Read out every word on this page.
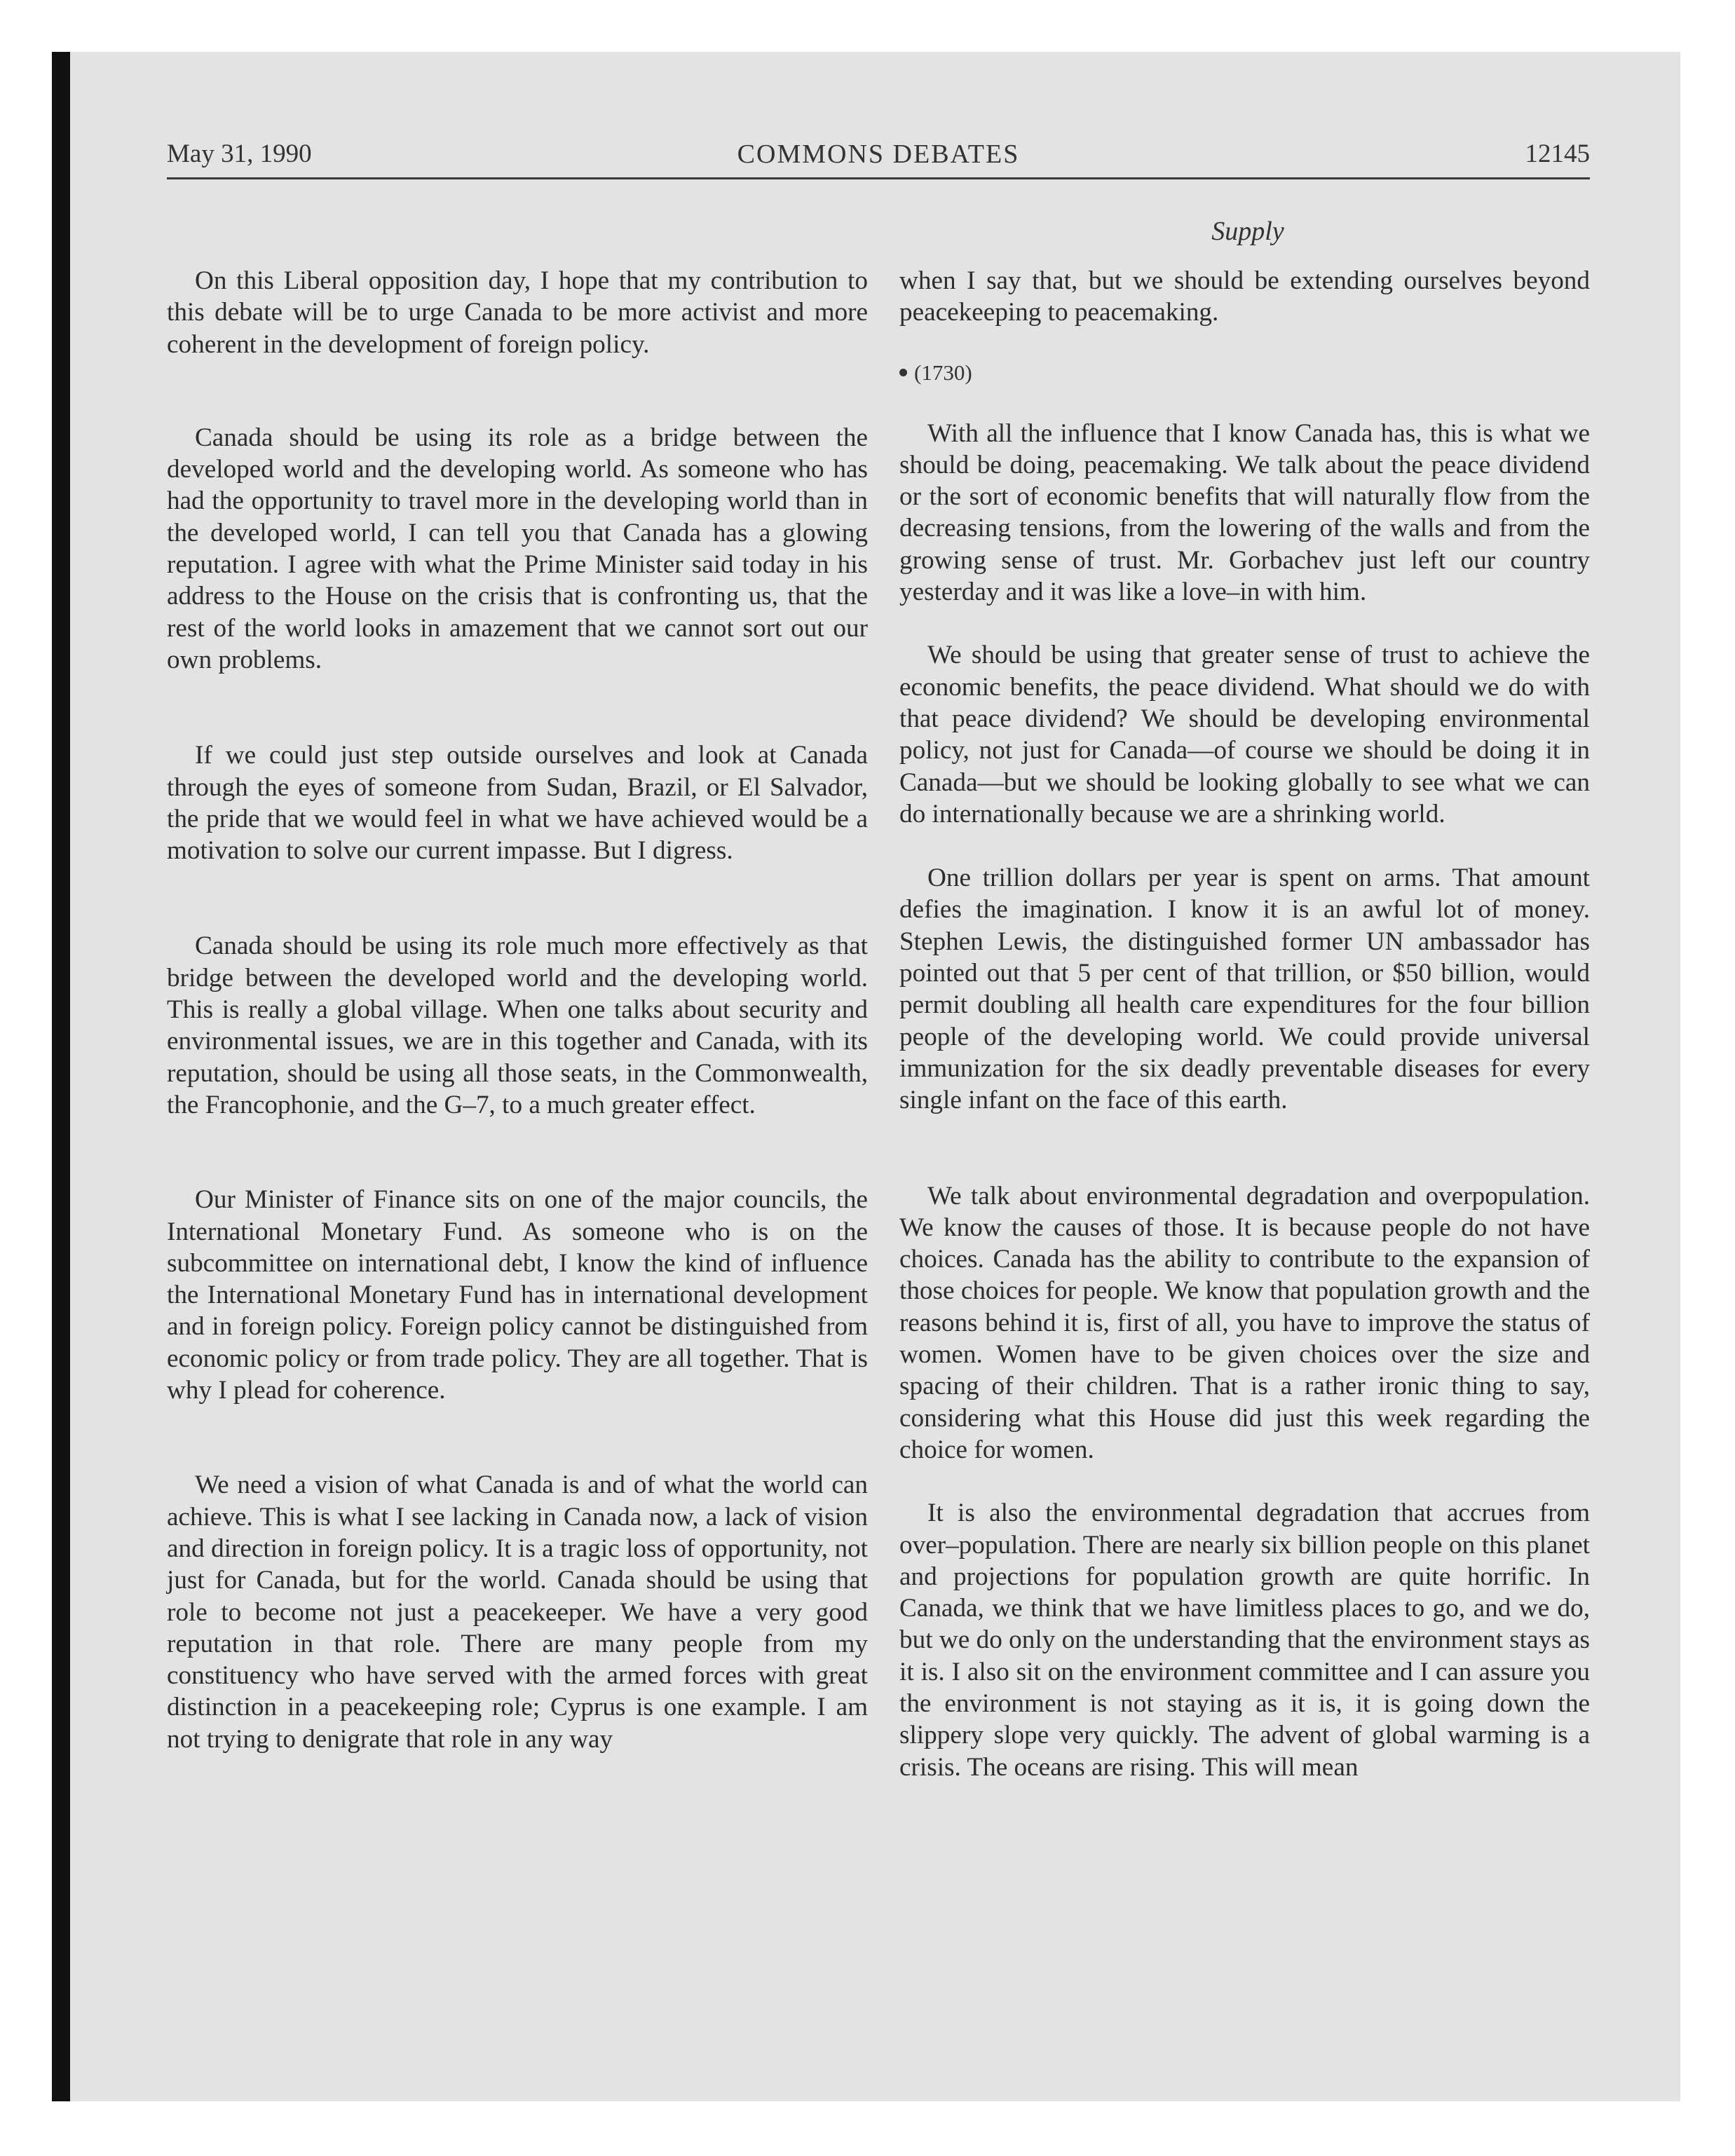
May 31, 1990	COMMONS DEBATES	12145
Supply

On this Liberal opposition day, I hope that my contribution to this debate will be to urge Canada to be more activist and more coherent in the development of foreign policy.

Canada should be using its role as a bridge between the developed world and the developing world. As someone who has had the opportunity to travel more in the developing world than in the developed world, I can tell you that Canada has a glowing reputation. I agree with what the Prime Minister said today in his address to the House on the crisis that is confronting us, that the rest of the world looks in amazement that we cannot sort out our own problems.

If we could just step outside ourselves and look at Canada through the eyes of someone from Sudan, Brazil, or El Salvador, the pride that we would feel in what we have achieved would be a motivation to solve our current impasse. But I digress.

Canada should be using its role much more effectively as that bridge between the developed world and the developing world. This is really a global village. When one talks about security and environmental issues, we are in this together and Canada, with its reputation, should be using all those seats, in the Commonwealth, the Francophonie, and the G–7, to a much greater effect.

Our Minister of Finance sits on one of the major councils, the International Monetary Fund. As someone who is on the subcommittee on international debt, I know the kind of influence the International Monetary Fund has in international development and in foreign policy. Foreign policy cannot be distinguished from economic policy or from trade policy. They are all together. That is why I plead for coherence.

We need a vision of what Canada is and of what the world can achieve. This is what I see lacking in Canada now, a lack of vision and direction in foreign policy. It is a tragic loss of opportunity, not just for Canada, but for the world. Canada should be using that role to become not just a peacekeeper. We have a very good reputation in that role. There are many people from my constituency who have served with the armed forces with great distinction in a peacekeeping role; Cyprus is one example. I am not trying to denigrate that role in any way

when I say that, but we should be extending ourselves beyond peacekeeping to peacemaking.

(1730)

With all the influence that I know Canada has, this is what we should be doing, peacemaking. We talk about the peace dividend or the sort of economic benefits that will naturally flow from the decreasing tensions, from the lowering of the walls and from the growing sense of trust. Mr. Gorbachev just left our country yesterday and it was like a love–in with him.

We should be using that greater sense of trust to achieve the economic benefits, the peace dividend. What should we do with that peace dividend? We should be developing environmental policy, not just for Canada—of course we should be doing it in Canada—but we should be looking globally to see what we can do internationally because we are a shrinking world.

One trillion dollars per year is spent on arms. That amount defies the imagination. I know it is an awful lot of money. Stephen Lewis, the distinguished former UN ambassador has pointed out that 5 per cent of that trillion, or $50 billion, would permit doubling all health care expenditures for the four billion people of the developing world. We could provide universal immunization for the six deadly preventable diseases for every single infant on the face of this earth.

We talk about environmental degradation and overpopulation. We know the causes of those. It is because people do not have choices. Canada has the ability to contribute to the expansion of those choices for people. We know that population growth and the reasons behind it is, first of all, you have to improve the status of women. Women have to be given choices over the size and spacing of their children. That is a rather ironic thing to say, considering what this House did just this week regarding the choice for women.

It is also the environmental degradation that accrues from over–population. There are nearly six billion people on this planet and projections for population growth are quite horrific. In Canada, we think that we have limitless places to go, and we do, but we do only on the understanding that the environment stays as it is. I also sit on the environment committee and I can assure you the environment is not staying as it is, it is going down the slippery slope very quickly. The advent of global warming is a crisis. The oceans are rising. This will mean
